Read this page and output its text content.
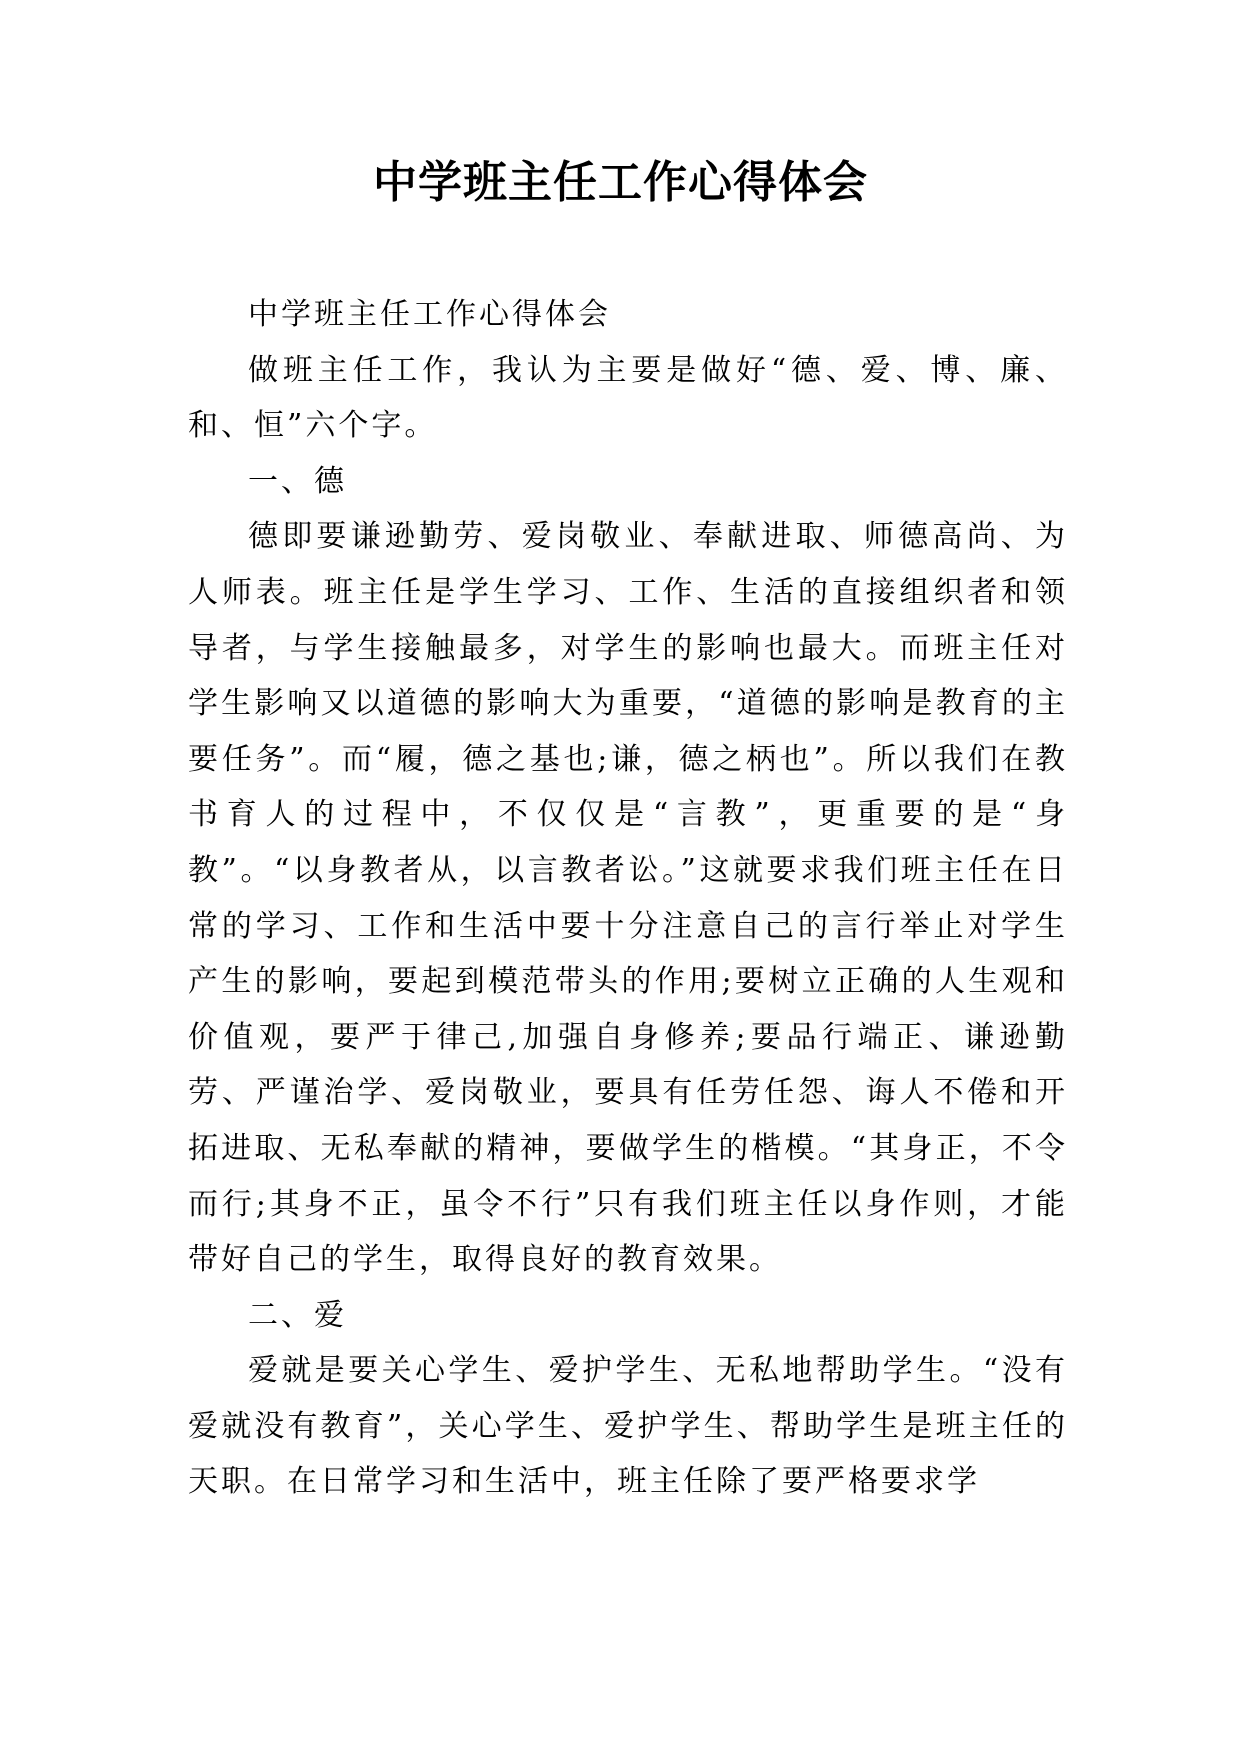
中学班主任工作心得体会

中学班主任工作心得体会

做班主任工作，我认为主要是做好“德、爱、博、廉、和、恒”六个字。

一、德

德即要谦逊勤劳、爱岗敬业、奉献进取、师德高尚、为人师表。班主任是学生学习、工作、生活的直接组织者和领导者，与学生接触最多，对学生的影响也最大。而班主任对学生影响又以道德的影响大为重要，“道德的影响是教育的主要任务”。而“履，德之基也;谦，德之柄也”。所以我们在教书育人的过程中，不仅仅是“言教”，更重要的是“身教”。“以身教者从，以言教者讼。”这就要求我们班主任在日常的学习、工作和生活中要十分注意自己的言行举止对学生产生的影响，要起到模范带头的作用;要树立正确的人生观和价值观，要严于律己,加强自身修养;要品行端正、谦逊勤劳、严谨治学、爱岗敬业，要具有任劳任怨、诲人不倦和开拓进取、无私奉献的精神，要做学生的楷模。“其身正，不令而行;其身不正，虽令不行”只有我们班主任以身作则，才能带好自己的学生，取得良好的教育效果。

二、爱

爱就是要关心学生、爱护学生、无私地帮助学生。“没有爱就没有教育”，关心学生、爱护学生、帮助学生是班主任的天职。在日常学习和生活中，班主任除了要严格要求学
